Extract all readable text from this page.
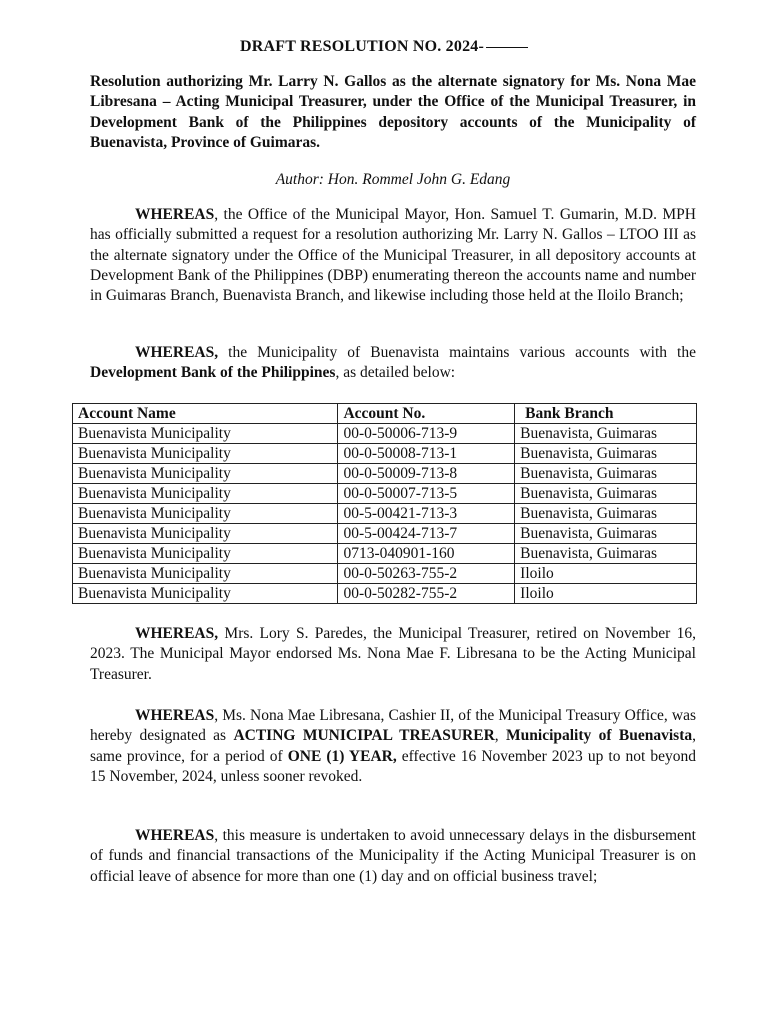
DRAFT RESOLUTION NO. 2024-
Resolution authorizing Mr. Larry N. Gallos as the alternate signatory for Ms. Nona Mae Libresana – Acting Municipal Treasurer, under the Office of the Municipal Treasurer, in Development Bank of the Philippines depository accounts of the Municipality of Buenavista, Province of Guimaras.
Author: Hon. Rommel John G. Edang
WHEREAS, the Office of the Municipal Mayor, Hon. Samuel T. Gumarin, M.D. MPH has officially submitted a request for a resolution authorizing Mr. Larry N. Gallos – LTOO III as the alternate signatory under the Office of the Municipal Treasurer, in all depository accounts at Development Bank of the Philippines (DBP) enumerating thereon the accounts name and number in Guimaras Branch, Buenavista Branch, and likewise including those held at the Iloilo Branch;
WHEREAS, the Municipality of Buenavista maintains various accounts with the Development Bank of the Philippines, as detailed below:
Account Name	Account No.	Bank Branch
Buenavista Municipality	00-0-50006-713-9	Buenavista, Guimaras
Buenavista Municipality	00-0-50008-713-1	Buenavista, Guimaras
Buenavista Municipality	00-0-50009-713-8	Buenavista, Guimaras
Buenavista Municipality	00-0-50007-713-5	Buenavista, Guimaras
Buenavista Municipality	00-5-00421-713-3	Buenavista, Guimaras
Buenavista Municipality	00-5-00424-713-7	Buenavista, Guimaras
Buenavista Municipality	0713-040901-160	Buenavista, Guimaras
Buenavista Municipality	00-0-50263-755-2	Iloilo
Buenavista Municipality	00-0-50282-755-2	Iloilo
WHEREAS, Mrs. Lory S. Paredes, the Municipal Treasurer, retired on November 16, 2023. The Municipal Mayor endorsed Ms. Nona Mae F. Libresana to be the Acting Municipal Treasurer.
WHEREAS, Ms. Nona Mae Libresana, Cashier II, of the Municipal Treasury Office, was hereby designated as ACTING MUNICIPAL TREASURER, Municipality of Buenavista, same province, for a period of ONE (1) YEAR, effective 16 November 2023 up to not beyond 15 November, 2024, unless sooner revoked.
WHEREAS, this measure is undertaken to avoid unnecessary delays in the disbursement of funds and financial transactions of the Municipality if the Acting Municipal Treasurer is on official leave of absence for more than one (1) day and on official business travel;
